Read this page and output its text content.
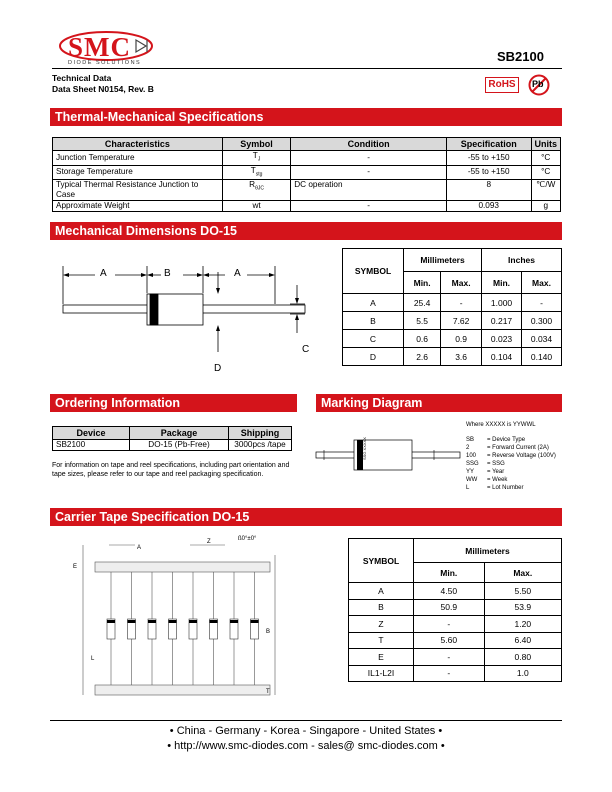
SMC
DIODE SOLUTIONS	SB2100
Technical Data
Data Sheet N0154, Rev. B	RoHS	Pb
Thermal-Mechanical Specifications
Characteristics	Symbol	Condition	Specification	Units
Junction Temperature	$T_J$	-	-55 to +150	°C
Storage Temperature	$T_{stg}$	-	-55 to +150	°C
Typical Thermal Resistance Junction to Case	$R_{\theta JC}$	DC operation	8	℃/W
Approximate Weight	wt	-	0.093	g
Mechanical Dimensions DO-15
A	B	A
C
D
SYMBOL	Millimeters		Inches	
	Min.	Max.	Min.	Max.
A	25.4	-	1.000	-
B	5.5	7.62	0.217	0.300
C	0.6	0.9	0.023	0.034
D	2.6	3.6	0.104	0.140
Ordering Information
Device	Package	Shipping
SB2100	DO-15 (Pb-Free)	3000pcs /tape
For information on tape and reel specifications, including part orientation and tape sizes, please refer to our tape and reel packaging specification.
Marking Diagram
SB2100 SSG XXXXX
Where XXXXX is YYWWL
SB = Device Type
2	= Forward Current (2A)
100 = Reverse Voltage (100V)
SSG = SSG
YY = Year
WW = Week
L	= Lot Number
Carrier Tape Specification DO-15
A
Z	ß0°±0°
E
B
L
T
SYMBOL	Millimeters	
	Min.	Max.
A	4.50	5.50
B	50.9	53.9
Z	-	1.20
T	5.60	6.40
E	-	0.80
IL1-L2I	-	1.0
• China - Germany - Korea - Singapore - United States •
• http://www.smc-diodes.com - sales@ smc-diodes.com •
